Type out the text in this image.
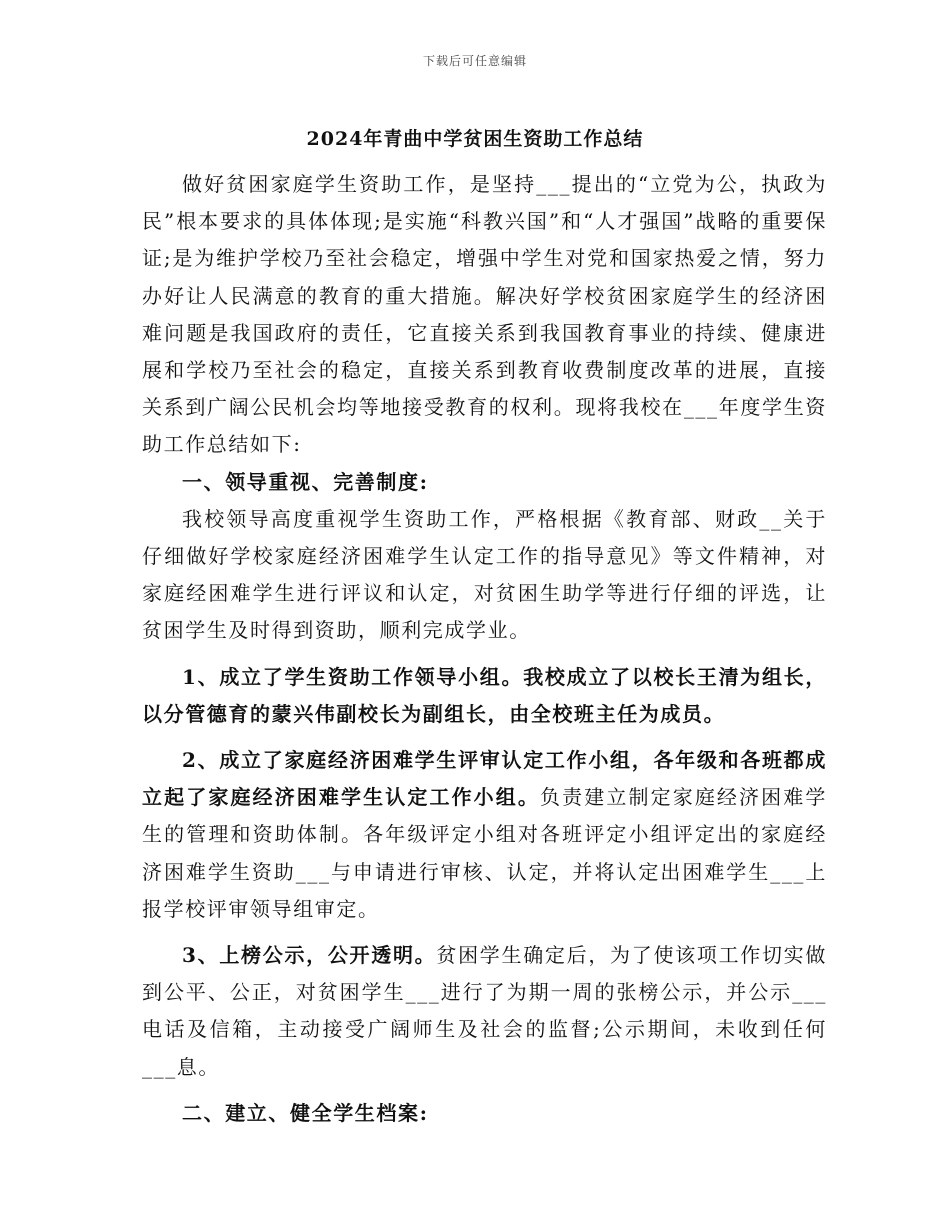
下载后可任意编辑
2024年青曲中学贫困生资助工作总结

做好贫困家庭学生资助工作，是坚持___提出的“立党为公，执政为民”根本要求的具体体现;是实施“科教兴国”和“人才强国”战略的重要保证;是为维护学校乃至社会稳定，增强中学生对党和国家热爱之情，努力办好让人民满意的教育的重大措施。解决好学校贫困家庭学生的经济困难问题是我国政府的责任，它直接关系到我国教育事业的持续、健康进展和学校乃至社会的稳定，直接关系到教育收费制度改革的进展，直接关系到广阔公民机会均等地接受教育的权利。现将我校在___年度学生资助工作总结如下:

一、领导重视、完善制度:

我校领导高度重视学生资助工作，严格根据《教育部、财政__关于仔细做好学校家庭经济困难学生认定工作的指导意见》等文件精神，对家庭经困难学生进行评议和认定，对贫困生助学等进行仔细的评选，让贫困学生及时得到资助，顺利完成学业。

1、成立了学生资助工作领导小组。我校成立了以校长王清为组长，以分管德育的蒙兴伟副校长为副组长，由全校班主任为成员。

2、成立了家庭经济困难学生评审认定工作小组，各年级和各班都成立起了家庭经济困难学生认定工作小组。负责建立制定家庭经济困难学生的管理和资助体制。各年级评定小组对各班评定小组评定出的家庭经济困难学生资助___与申请进行审核、认定，并将认定出困难学生___上报学校评审领导组审定。

3、上榜公示，公开透明。贫困学生确定后，为了使该项工作切实做到公平、公正，对贫困学生___进行了为期一周的张榜公示，并公示___电话及信箱，主动接受广阔师生及社会的监督;公示期间，未收到任何___息。

二、建立、健全学生档案:
